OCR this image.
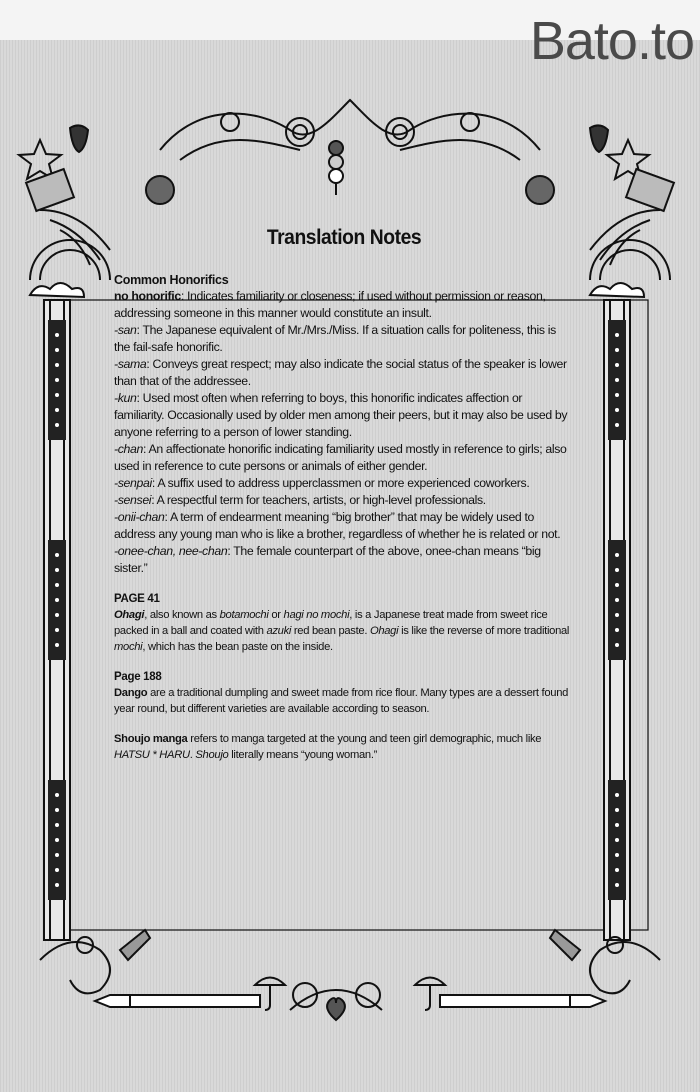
Bato.to
Translation Notes

Common Honorifics

no honorific: Indicates familiarity or closeness; if used without permission or reason, addressing someone in this manner would constitute an insult.

-san: The Japanese equivalent of Mr./Mrs./Miss. If a situation calls for politeness, this is the fail-safe honorific.

-sama: Conveys great respect; may also indicate the social status of the speaker is lower than that of the addressee.

-kun: Used most often when referring to boys, this honorific indicates affection or familiarity. Occasionally used by older men among their peers, but it may also be used by anyone referring to a person of lower standing.

-chan: An affectionate honorific indicating familiarity used mostly in reference to girls; also used in reference to cute persons or animals of either gender.

-senpai: A suffix used to address upperclassmen or more experienced coworkers.

-sensei: A respectful term for teachers, artists, or high-level professionals.

-onii-chan: A term of endearment meaning “big brother” that may be widely used to address any young man who is like a brother, regardless of whether he is related or not.

-onee-chan, nee-chan: The female counterpart of the above, onee-chan means “big sister.”

PAGE 41

Ohagi, also known as botamochi or hagi no mochi, is a Japanese treat made from sweet rice packed in a ball and coated with azuki red bean paste. Ohagi is like the reverse of more traditional mochi, which has the bean paste on the inside.

Page 188

Dango are a traditional dumpling and sweet made from rice flour. Many types are a dessert found year round, but different varieties are available according to season.

Shoujo manga refers to manga targeted at the young and teen girl demographic, much like HATSU * HARU. Shoujo literally means “young woman.”
